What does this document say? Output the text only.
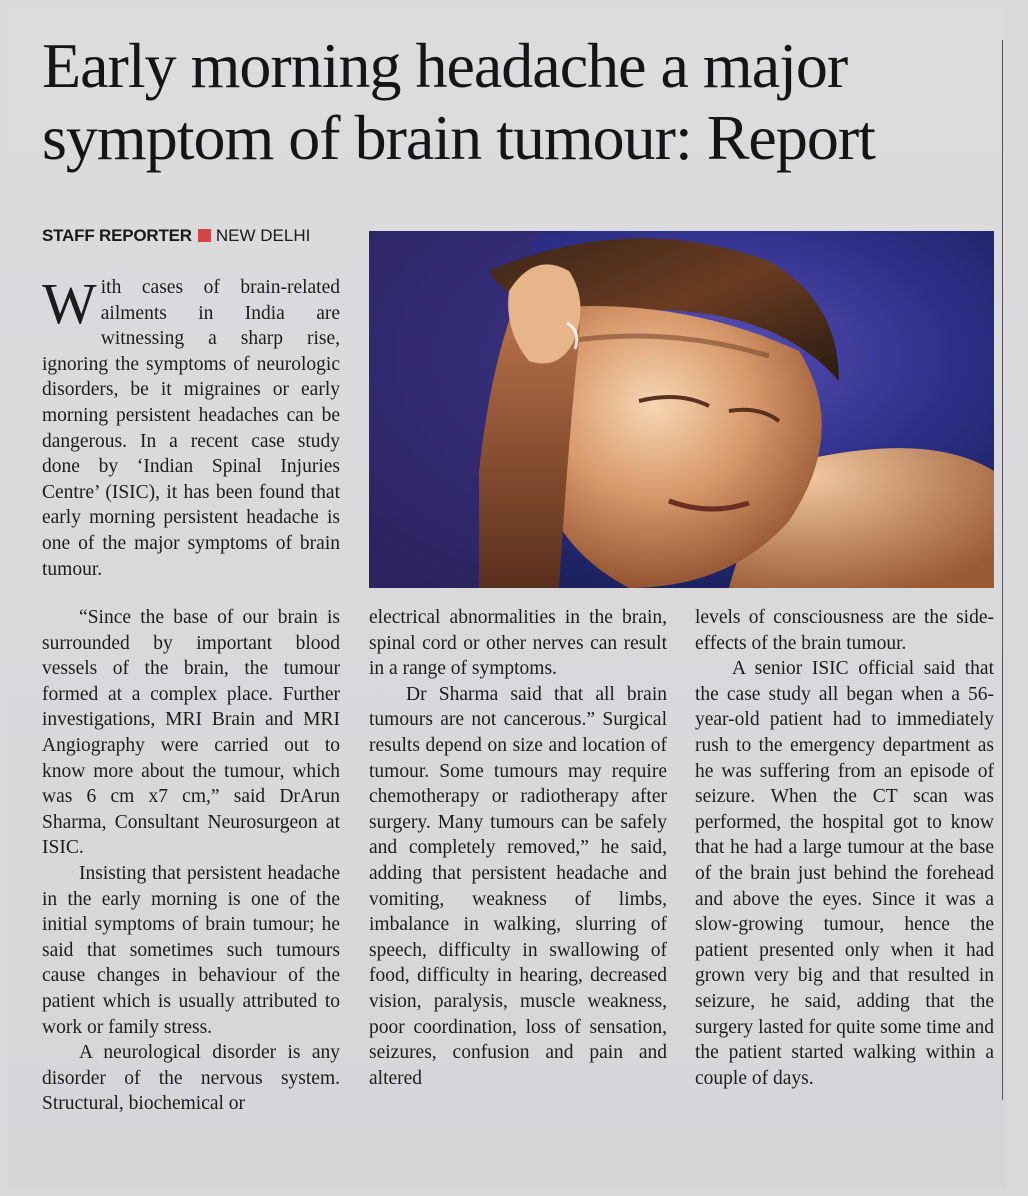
Early morning headache a major symptom of brain tumour: Report
STAFF REPORTER NEW DELHI

With cases of brain-related ailments in India are witnessing a sharp rise, ignoring the symptoms of neurologic disorders, be it migraines or early morning persistent headaches can be dangerous. In a recent case study done by ‘Indian Spinal Injuries Centre’ (ISIC), it has been found that early morning persistent headache is one of the major symptoms of brain tumour.

“Since the base of our brain is surrounded by important blood vessels of the brain, the tumour formed at a complex place. Further investigations, MRI Brain and MRI Angiography were carried out to know more about the tumour, which was 6 cm x7 cm,” said DrArun Sharma, Consultant Neurosurgeon at ISIC.

Insisting that persistent headache in the early morning is one of the initial symptoms of brain tumour; he said that sometimes such tumours cause changes in behaviour of the patient which is usually attributed to work or family stress.

A neurological disorder is any disorder of the nervous system. Structural, biochemical or

electrical abnormalities in the brain, spinal cord or other nerves can result in a range of symptoms.

Dr Sharma said that all brain tumours are not cancerous.” Surgical results depend on size and location of tumour. Some tumours may require chemotherapy or radiotherapy after surgery. Many tumours can be safely and completely removed,” he said, adding that persistent headache and vomiting, weakness of limbs, imbalance in walking, slurring of speech, difficulty in swallowing of food, difficulty in hearing, decreased vision, paralysis, muscle weakness, poor coordination, loss of sensation, seizures, confusion and pain and altered

levels of consciousness are the side-effects of the brain tumour.

A senior ISIC official said that the case study all began when a 56-year-old patient had to immediately rush to the emergency department as he was suffering from an episode of seizure. When the CT scan was performed, the hospital got to know that he had a large tumour at the base of the brain just behind the forehead and above the eyes. Since it was a slow-growing tumour, hence the patient presented only when it had grown very big and that resulted in seizure, he said, adding that the surgery lasted for quite some time and the patient started walking within a couple of days.
